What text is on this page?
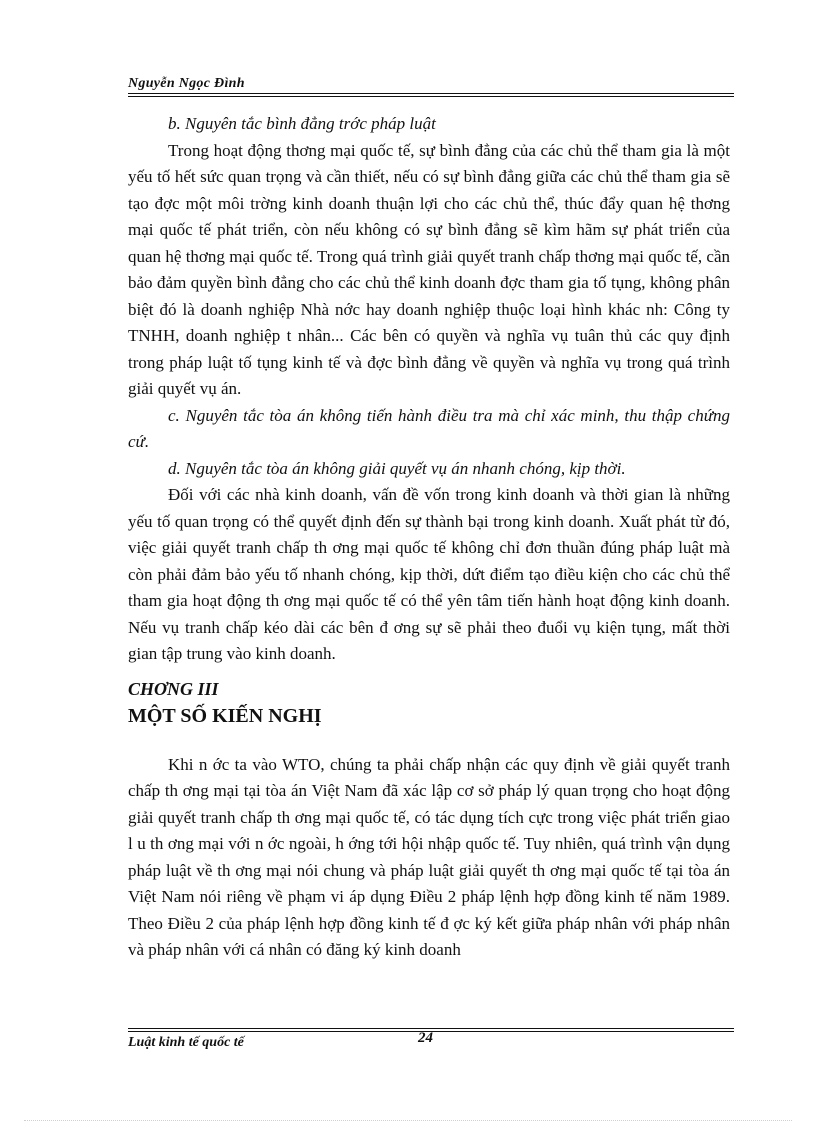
Nguyễn Ngọc Đình

b. Nguyên tắc bình đẳng trớc pháp luật

Trong hoạt động thơng mại quốc tế, sự bình đẳng của các chủ thể tham gia là một yếu tố hết sức quan trọng và cần thiết, nếu có sự bình đẳng giữa các chủ thể tham gia sẽ tạo đợc một môi trờng kinh doanh thuận lợi cho các chủ thể, thúc đẩy quan hệ thơng mại quốc tế phát triển, còn nếu không có sự bình đẳng sẽ kìm hãm sự phát triển của quan hệ thơng mại quốc tế. Trong quá trình giải quyết tranh chấp thơng mại quốc tế, cần bảo đảm quyền bình đẳng cho các chủ thể kinh doanh đợc tham gia tố tụng, không phân biệt đó là doanh nghiệp Nhà nớc hay doanh nghiệp thuộc loại hình khác nh: Công ty TNHH, doanh nghiệp t nhân... Các bên có quyền và nghĩa vụ tuân thủ các quy định trong pháp luật tố tụng kinh tế và đợc bình đẳng về quyền và nghĩa vụ trong quá trình giải quyết vụ án.

c. Nguyên tắc tòa án không tiến hành điều tra mà chỉ xác minh, thu thập chứng cứ.

d. Nguyên tắc tòa án không giải quyết vụ án nhanh chóng, kịp thời.

Đối với các nhà kinh doanh, vấn đề vốn trong kinh doanh và thời gian là những yếu tố quan trọng có thể quyết định đến sự thành bại trong kinh doanh. Xuất phát từ đó, việc giải quyết tranh chấp th ơng mại quốc tế không chỉ đơn thuần đúng pháp luật mà còn phải đảm bảo yếu tố nhanh chóng, kịp thời, dứt điểm tạo điều kiện cho các chủ thể tham gia hoạt động th ơng mại quốc tế có thể yên tâm tiến hành hoạt động kinh doanh. Nếu vụ tranh chấp kéo dài các bên đ ơng sự sẽ phải theo đuổi vụ kiện tụng, mất thời gian tập trung vào kinh doanh.

CHƠNG III

MỘT SỐ KIẾN NGHỊ

Khi n ớc ta vào WTO, chúng ta phải chấp nhận các quy định về giải quyết tranh chấp th ơng mại tại tòa án Việt Nam đã xác lập cơ sở pháp lý quan trọng cho hoạt động giải quyết tranh chấp th ơng mại quốc tế, có tác dụng tích cực trong việc phát triển giao l u th ơng mại với n ớc ngoài, h ớng tới hội nhập quốc tế. Tuy nhiên, quá trình vận dụng pháp luật về th ơng mại nói chung và pháp luật giải quyết th ơng mại quốc tế tại tòa án Việt Nam nói riêng về phạm vi áp dụng Điều 2 pháp lệnh hợp đồng kinh tế năm 1989. Theo Điều 2 của pháp lệnh hợp đồng kinh tế đ ợc ký kết giữa pháp nhân với pháp nhân và pháp nhân với cá nhân có đăng ký kinh doanh

Luật kinh tế quốc tế	24
